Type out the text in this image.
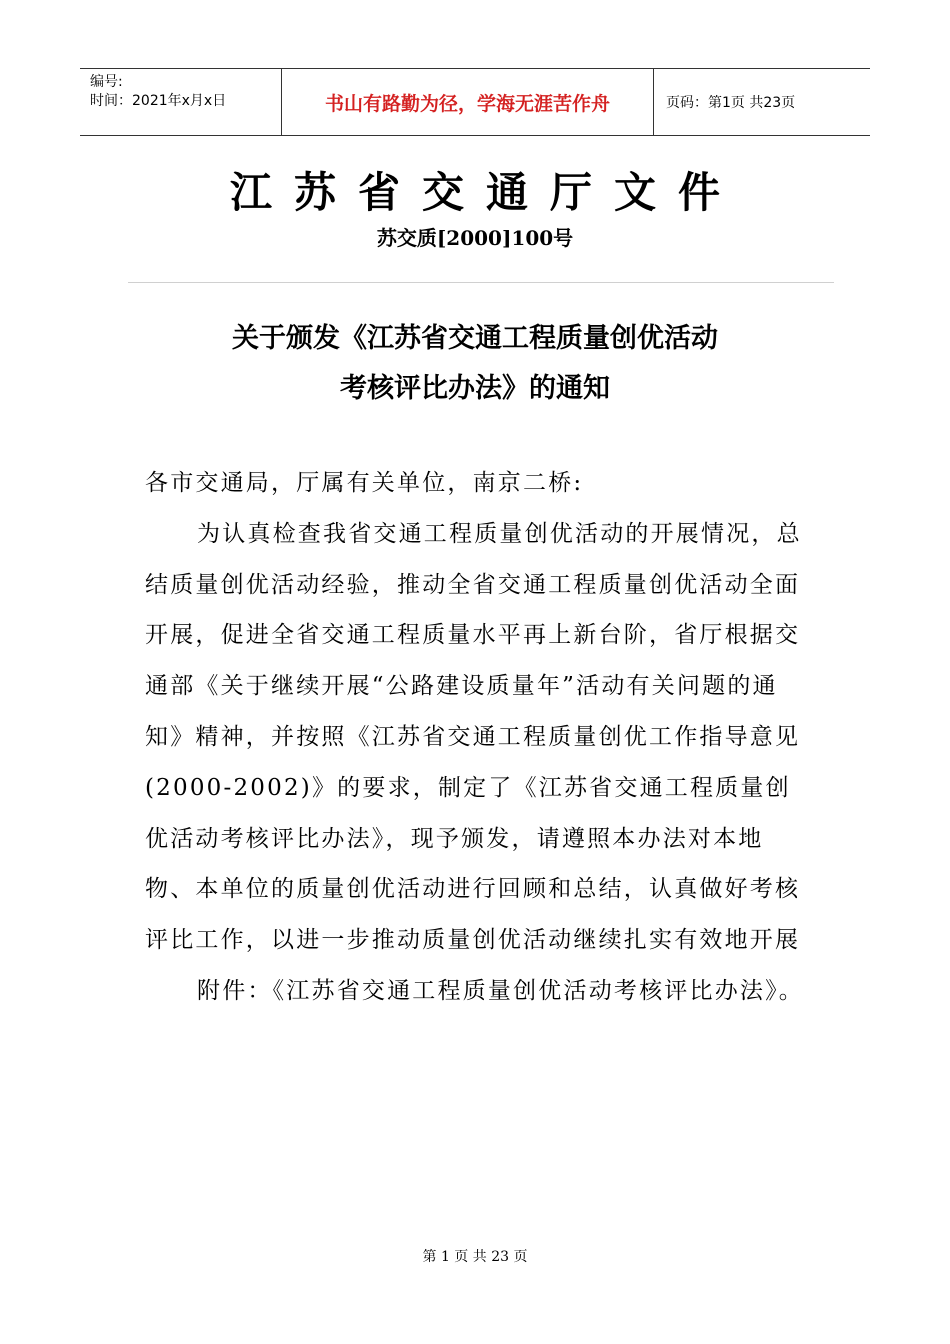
编号:
时间：2021年x月x日	书山有路勤为径，学海无涯苦作舟	页码：第1页 共23页
江苏省交通厅文件
苏交质[2000]100号
关于颁发《江苏省交通工程质量创优活动
考核评比办法》的通知

各市交通局，厅属有关单位，南京二桥:

为认真检查我省交通工程质量创优活动的开展情况，总结质量创优活动经验，推动全省交通工程质量创优活动全面开展，促进全省交通工程质量水平再上新台阶，省厅根据交通部《关于继续开展“公路建设质量年”活动有关问题的通知》精神，并按照《江苏省交通工程质量创优工作指导意见(2000-2002)》的要求，制定了《江苏省交通工程质量创优活动考核评比办法》，现予颁发，请遵照本办法对本地物、本单位的质量创优活动进行回顾和总结，认真做好考核评比工作，以进一步推动质量创优活动继续扎实有效地开展

附件：《江苏省交通工程质量创优活动考核评比办法》。

第 1 页 共 23 页
